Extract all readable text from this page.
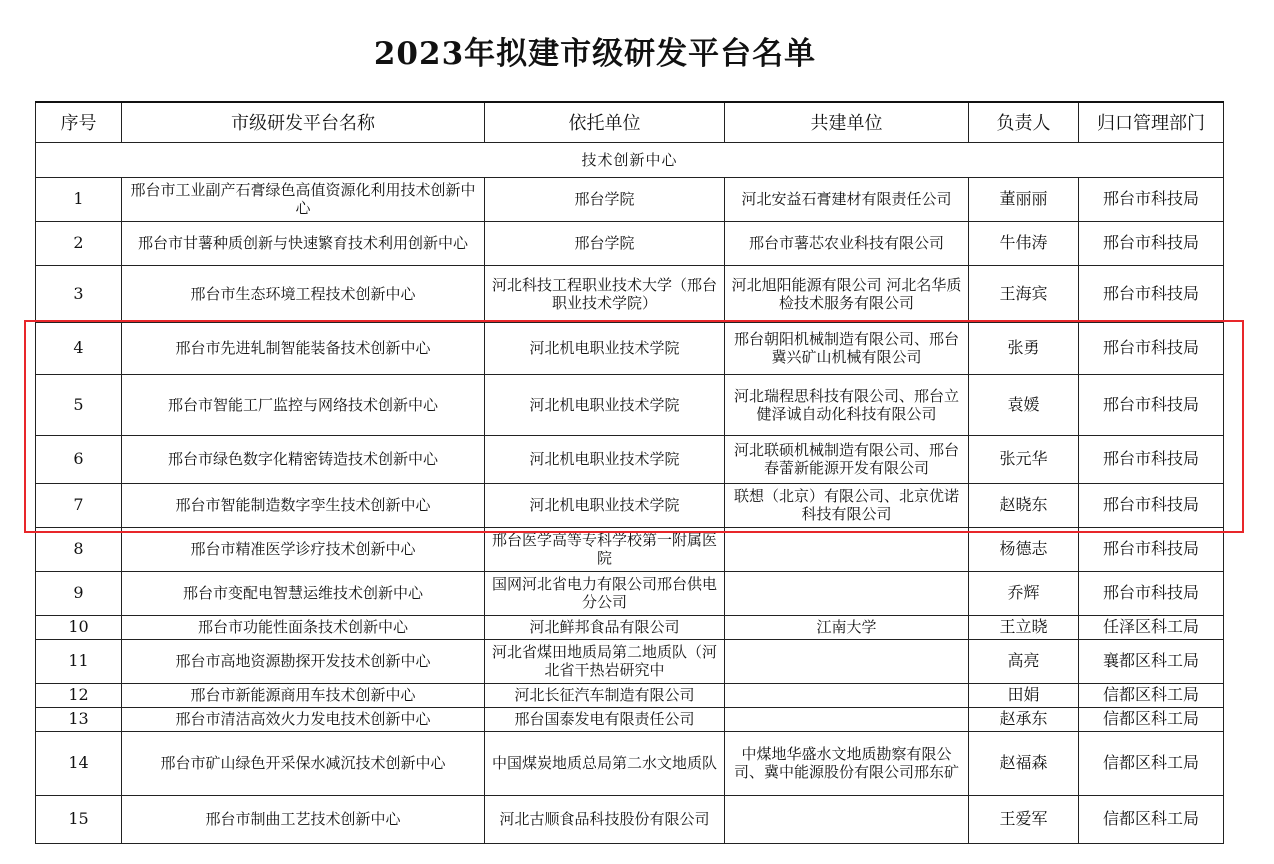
2023年拟建市级研发平台名单
序号	市级研发平台名称	依托单位	共建单位	负责人	归口管理部门
技术创新中心					
1	邢台市工业副产石膏绿色高值资源化利用技术创新中心	邢台学院	河北安益石膏建材有限责任公司	董丽丽	邢台市科技局
2	邢台市甘薯种质创新与快速繁育技术利用创新中心	邢台学院	邢台市薯芯农业科技有限公司	牛伟涛	邢台市科技局
3	邢台市生态环境工程技术创新中心	河北科技工程职业技术大学（邢台职业技术学院）	河北旭阳能源有限公司 河北名华质检技术服务有限公司	王海宾	邢台市科技局
4	邢台市先进轧制智能装备技术创新中心	河北机电职业技术学院	邢台朝阳机械制造有限公司、邢台冀兴矿山机械有限公司	张勇	邢台市科技局
5	邢台市智能工厂监控与网络技术创新中心	河北机电职业技术学院	河北瑞程思科技有限公司、邢台立健泽诚自动化科技有限公司	袁媛	邢台市科技局
6	邢台市绿色数字化精密铸造技术创新中心	河北机电职业技术学院	河北联硕机械制造有限公司、邢台春蕾新能源开发有限公司	张元华	邢台市科技局
7	邢台市智能制造数字孪生技术创新中心	河北机电职业技术学院	联想（北京）有限公司、北京优诺科技有限公司	赵晓东	邢台市科技局
8	邢台市精准医学诊疗技术创新中心	邢台医学高等专科学校第一附属医院		杨德志	邢台市科技局
9	邢台市变配电智慧运维技术创新中心	国网河北省电力有限公司邢台供电分公司		乔辉	邢台市科技局
10	邢台市功能性面条技术创新中心	河北鲜邦食品有限公司	江南大学	王立晓	任泽区科工局
11	邢台市高地资源勘探开发技术创新中心	河北省煤田地质局第二地质队（河北省干热岩研究中		高亮	襄都区科工局
12	邢台市新能源商用车技术创新中心	河北长征汽车制造有限公司		田娟	信都区科工局
13	邢台市清洁高效火力发电技术创新中心	邢台国泰发电有限责任公司		赵承东	信都区科工局
14	邢台市矿山绿色开采保水减沉技术创新中心	中国煤炭地质总局第二水文地质队	中煤地华盛水文地质勘察有限公司、冀中能源股份有限公司邢东矿	赵福森	信都区科工局
15	邢台市制曲工艺技术创新中心	河北古顺食品科技股份有限公司		王爱军	信都区科工局
